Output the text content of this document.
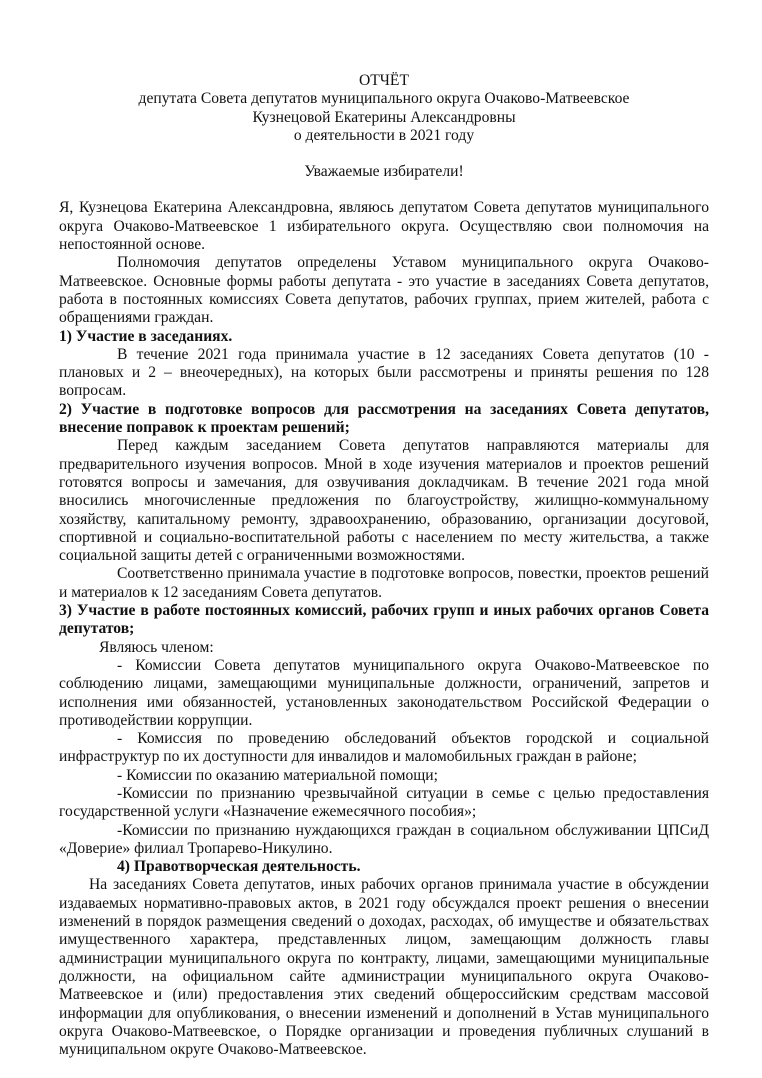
ОТЧЁТ
депутата Совета депутатов муниципального округа Очаково-Матвеевское
Кузнецовой Екатерины Александровны
о деятельности в 2021 году
Уважаемые избиратели!
Я, Кузнецова Екатерина Александровна, являюсь депутатом Совета депутатов муниципального
округа Очаково-Матвеевское 1 избирательного округа. Осуществляю свои полномочия на
непостоянной основе.
Полномочия депутатов определены Уставом муниципального округа Очаково-
Матвеевское. Основные формы работы депутата - это участие в заседаниях Совета депутатов,
работа в постоянных комиссиях Совета депутатов, рабочих группах, прием жителей, работа с
обращениями граждан.
1) Участие в заседаниях.
В течение 2021 года принимала участие в 12 заседаниях Совета депутатов (10 -
плановых и 2 – внеочередных), на которых были рассмотрены и приняты решения по 128
вопросам.
2) Участие в подготовке вопросов для рассмотрения на заседаниях Совета депутатов,
внесение поправок к проектам решений;
Перед каждым заседанием Совета депутатов направляются материалы для
предварительного изучения вопросов. Мной в ходе изучения материалов и проектов решений
готовятся вопросы и замечания, для озвучивания докладчикам. В течение 2021 года мной
вносились многочисленные предложения по благоустройству, жилищно-коммунальному
хозяйству, капитальному ремонту, здравоохранению, образованию, организации досуговой,
спортивной и социально-воспитательной работы с населением по месту жительства, а также
социальной защиты детей с ограниченными возможностями.
Соответственно принимала участие в подготовке вопросов, повестки, проектов решений
и материалов к 12 заседаниям Совета депутатов.
3) Участие в работе постоянных комиссий, рабочих групп и иных рабочих органов Совета
депутатов;
Являюсь членом:
- Комиссии Совета депутатов муниципального округа Очаково-Матвеевское по
соблюдению лицами, замещающими муниципальные должности, ограничений, запретов и
исполнения ими обязанностей, установленных законодательством Российской Федерации о
противодействии коррупции.
- Комиссия по проведению обследований объектов городской и социальной
инфраструктур по их доступности для инвалидов и маломобильных граждан в районе;
- Комиссии по оказанию материальной помощи;
-Комиссии по признанию чрезвычайной ситуации в семье с целью предоставления
государственной услуги «Назначение ежемесячного пособия»;
-Комиссии по признанию нуждающихся граждан в социальном обслуживании ЦПСиД
«Доверие» филиал Тропарево-Никулино.
4) Правотворческая деятельность.
На заседаниях Совета депутатов, иных рабочих органов принимала участие в обсуждении
издаваемых нормативно-правовых актов, в 2021 году обсуждался проект решения о внесении
изменений в порядок размещения сведений о доходах, расходах, об имуществе и обязательствах
имущественного характера, представленных лицом, замещающим должность главы
администрации муниципального округа по контракту, лицами, замещающими муниципальные
должности, на официальном сайте администрации муниципального округа Очаково-
Матвеевское и (или) предоставления этих сведений общероссийским средствам массовой
информации для опубликования, о внесении изменений и дополнений в Устав муниципального
округа Очаково-Матвеевское, о Порядке организации и проведения публичных слушаний в
муниципальном округе Очаково-Матвеевское.
